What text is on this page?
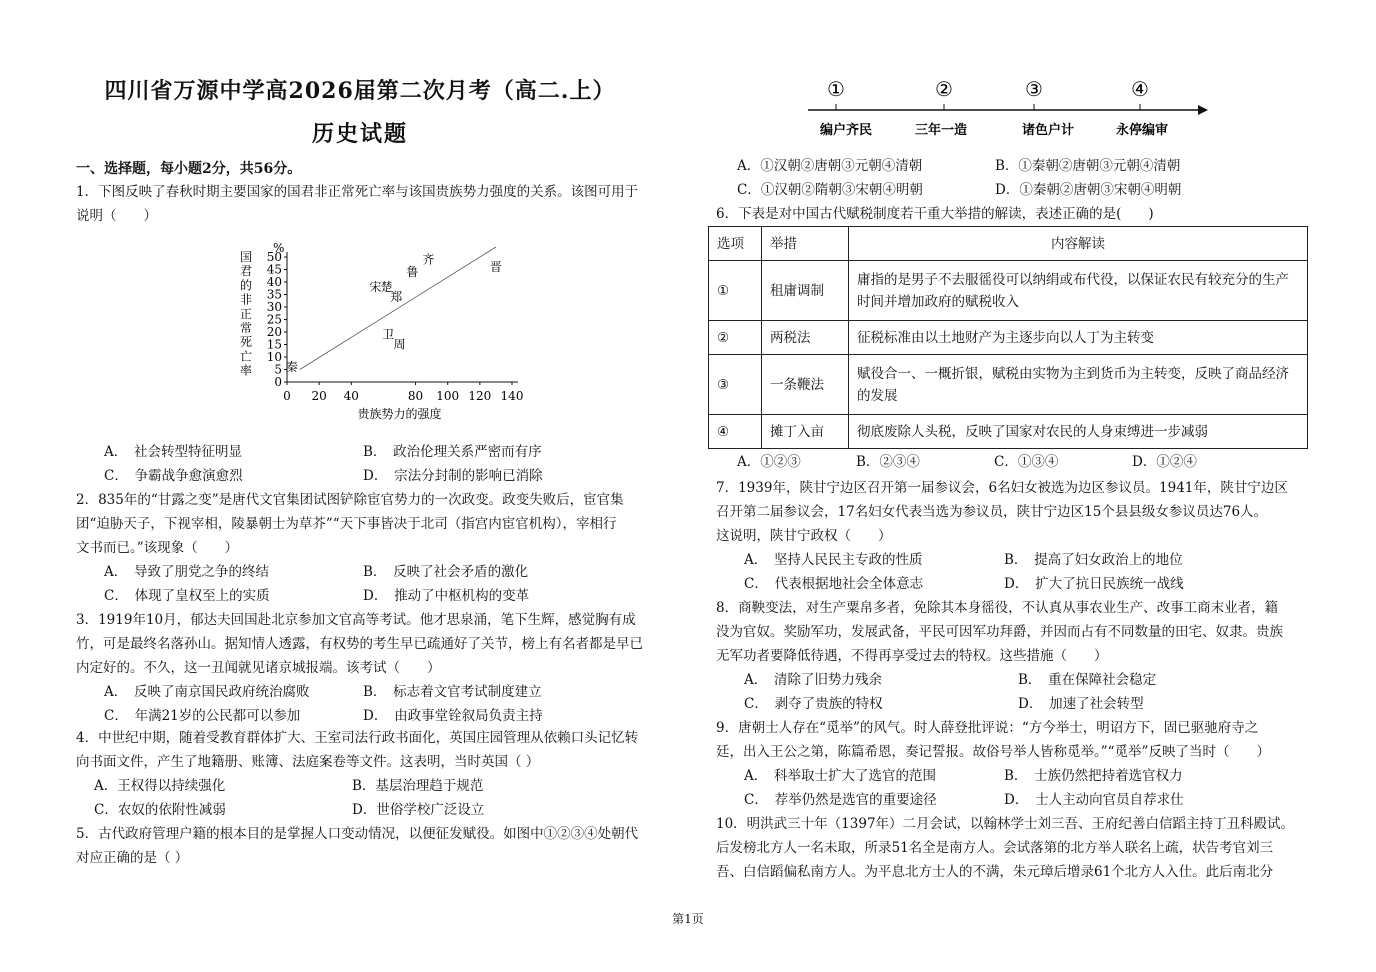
四川省万源中学高2026届第二次月考（高二.上）
历史试题
一、选择题，每小题2分，共56分。
1．下图反映了春秋时期主要国家的国君非正常死亡率与该国贵族势力强度的关系。该图可用于
说明（　　）
50
45
40
35
30
25
20
15
10
5
0
0 20 40	80 100 120 140
%
国
君
的
非
正
常
死
亡
率
贵族势力的强度
秦
宋 楚
郑
鲁
齐
卫
周
晋
A．　社会转型特征明显	B．　政治伦理关系严密而有序
C．　争霸战争愈演愈烈	D．　宗法分封制的影响已消除
2．835年的“甘露之变”是唐代文官集团试图铲除宦官势力的一次政变。政变失败后，宦官集
团“迫胁天子，下视宰相，陵暴朝士为草芥”“天下事皆决于北司（指宫内宦官机构），宰相行
文书而已。”该现象（　　）
A．　导致了朋党之争的终结	B．　反映了社会矛盾的激化
C．　体现了皇权至上的实质	D．　推动了中枢机构的变革
3．1919年10月，郁达夫回国赴北京参加文官高等考试。他才思泉涌，笔下生辉，感觉胸有成
竹，可是最终名落孙山。据知情人透露，有权势的考生早已疏通好了关节，榜上有名者都是早已
内定好的。不久，这一丑闻就见诸京城报端。该考试（　　）
A．　反映了南京国民政府统治腐败	B．　标志着文官考试制度建立
C．　年满21岁的公民都可以参加	D．　由政事堂铨叙局负责主持
4．中世纪中期，随着受教育群体扩大、王室司法行政书面化，英国庄园管理从依赖口头记忆转
向书面文件，产生了地籍册、账簿、法庭案卷等文件。这表明，当时英国（ ）
A．王权得以持续强化	B．基层治理趋于规范
C．农奴的依附性减弱	D．世俗学校广泛设立
5．古代政府管理户籍的根本目的是掌握人口变动情况，以便征发赋役。如图中①②③④处朝代
对应正确的是（ ）
①
编户齐民
②
三年一造
③
诸色户计
④
永停编审
A．①汉朝②唐朝③元朝④清朝	B．①秦朝②唐朝③元朝④清朝
C．①汉朝②隋朝③宋朝④明朝	D．①秦朝②唐朝③宋朝④明朝
6．下表是对中国古代赋税制度若干重大举措的解读，表述正确的是(　　)
选项	举措	内容解读
①	租庸调制	庸指的是男子不去服徭役可以纳绢或布代役，以保证农民有较充分的生产
时间并增加政府的赋税收入

②	两税法	征税标准由以土地财产为主逐步向以人丁为主转变
③	一条鞭法	赋役合一、一概折银，赋税由实物为主到货币为主转变，反映了商品经济
的发展

④	摊丁入亩	彻底废除人头税，反映了国家对农民的人身束缚进一步减弱
A．①②③	B．②③④	C．①③④	D．①②④
7．1939年，陕甘宁边区召开第一届参议会，6名妇女被选为边区参议员。1941年，陕甘宁边区
召开第二届参议会，17名妇女代表当选为参议员，陕甘宁边区15个县县级女参议员达76人。
这说明，陕甘宁政权（　　）
A．　坚持人民民主专政的性质	B．　提高了妇女政治上的地位
C．　代表根据地社会全体意志	D．　扩大了抗日民族统一战线
8．商鞅变法，对生产粟帛多者，免除其本身徭役，不认真从事农业生产、改事工商末业者，籍
没为官奴。奖励军功，发展武备，平民可因军功拜爵，并因而占有不同数量的田宅、奴隶。贵族
无军功者要降低待遇，不得再享受过去的特权。这些措施（　　）
A．　清除了旧势力残余	B．　重在保障社会稳定
C．　剥夺了贵族的特权	D．　加速了社会转型
9．唐朝士人存在“觅举”的风气。时人薛登批评说：“方今举士，明诏方下，固已驱驰府寺之
廷，出入王公之第，陈篇希恩，奏记誓报。故俗号举人皆称觅举。”“觅举”反映了当时（　　）
A．　科举取士扩大了选官的范围	B．　士族仍然把持着选官权力
C．　荐举仍然是选官的重要途径	D．　士人主动向官员自荐求仕
10．明洪武三十年（1397年）二月会试，以翰林学士刘三吾、王府纪善白信蹈主持丁丑科殿试。
后发榜北方人一名未取，所录51名全是南方人。会试落第的北方举人联名上疏，状告考官刘三
吾、白信蹈偏私南方人。为平息北方士人的不满，朱元璋后增录61个北方人入仕。此后南北分
第1页
